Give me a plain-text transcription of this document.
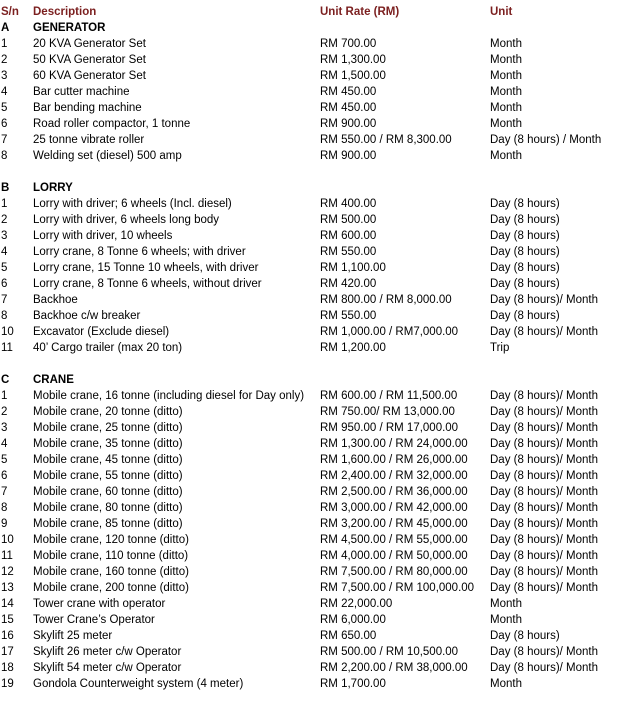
S/n	Description	Unit Rate (RM)	Unit
A	GENERATOR
1	20 KVA Generator Set	RM 700.00	Month
2	50 KVA Generator Set	RM 1,300.00	Month
3	60 KVA Generator Set	RM 1,500.00	Month
4	Bar cutter machine	RM 450.00	Month
5	Bar bending machine	RM 450.00	Month
6	Road roller compactor, 1 tonne	RM 900.00	Month
7	25 tonne vibrate roller	RM 550.00 / RM 8,300.00	Day (8 hours) / Month
8	Welding set (diesel) 500 amp	RM 900.00	Month
B	LORRY
1	Lorry with driver; 6 wheels (Incl. diesel)	RM 400.00	Day (8 hours)
2	Lorry with driver, 6 wheels long body	RM 500.00	Day (8 hours)
3	Lorry with driver, 10 wheels	RM 600.00	Day (8 hours)
4	Lorry crane, 8 Tonne 6 wheels; with driver	RM 550.00	Day (8 hours)
5	Lorry crane, 15 Tonne 10 wheels, with driver	RM 1,100.00	Day (8 hours)
6	Lorry crane, 8 Tonne 6 wheels, without driver	RM 420.00	Day (8 hours)
7	Backhoe	RM 800.00 / RM 8,000.00	Day (8 hours)/ Month
8	Backhoe c/w breaker	RM 550.00	Day (8 hours)
10	Excavator (Exclude diesel)	RM 1,000.00 / RM7,000.00	Day (8 hours)/ Month
11	40’ Cargo trailer (max 20 ton)	RM 1,200.00	Trip
C	CRANE
1	Mobile crane, 16 tonne (including diesel for Day only) RM 600.00 / RM 11,500.00	Day (8 hours)/ Month
2	Mobile crane, 20 tonne (ditto)	RM 750.00/ RM 13,000.00	Day (8 hours)/ Month
3	Mobile crane, 25 tonne (ditto)	RM 950.00 / RM 17,000.00	Day (8 hours)/ Month
4	Mobile crane, 35 tonne (ditto)	RM 1,300.00 / RM 24,000.00 Day (8 hours)/ Month
5	Mobile crane, 45 tonne (ditto)	RM 1,600.00 / RM 26,000.00 Day (8 hours)/ Month
6	Mobile crane, 55 tonne (ditto)	RM 2,400.00 / RM 32,000.00 Day (8 hours)/ Month
7	Mobile crane, 60 tonne (ditto)	RM 2,500.00 / RM 36,000.00 Day (8 hours)/ Month
8	Mobile crane, 80 tonne (ditto)	RM 3,000.00 / RM 42,000.00 Day (8 hours)/ Month
9	Mobile crane, 85 tonne (ditto)	RM 3,200.00 / RM 45,000.00 Day (8 hours)/ Month
10	Mobile crane, 120 tonne (ditto)	RM 4,500.00 / RM 55,000.00 Day (8 hours)/ Month
11	Mobile crane, 110 tonne (ditto)	RM 4,000.00 / RM 50,000.00 Day (8 hours)/ Month
12	Mobile crane, 160 tonne (ditto)	RM 7,500.00 / RM 80,000.00 Day (8 hours)/ Month
13	Mobile crane, 200 tonne (ditto)	RM 7,500.00 / RM 100,000.00 Day (8 hours)/ Month
14	Tower crane with operator	RM 22,000.00	Month
15	Tower Crane’s Operator	RM 6,000.00	Month
16	Skylift 25 meter	RM 650.00	Day (8 hours)
17	Skylift 26 meter c/w Operator	RM 500.00 / RM 10,500.00	Day (8 hours)/ Month
18	Skylift 54 meter c/w Operator	RM 2,200.00 / RM 38,000.00 Day (8 hours)/ Month
19	Gondola Counterweight system (4 meter)	RM 1,700.00	Month
